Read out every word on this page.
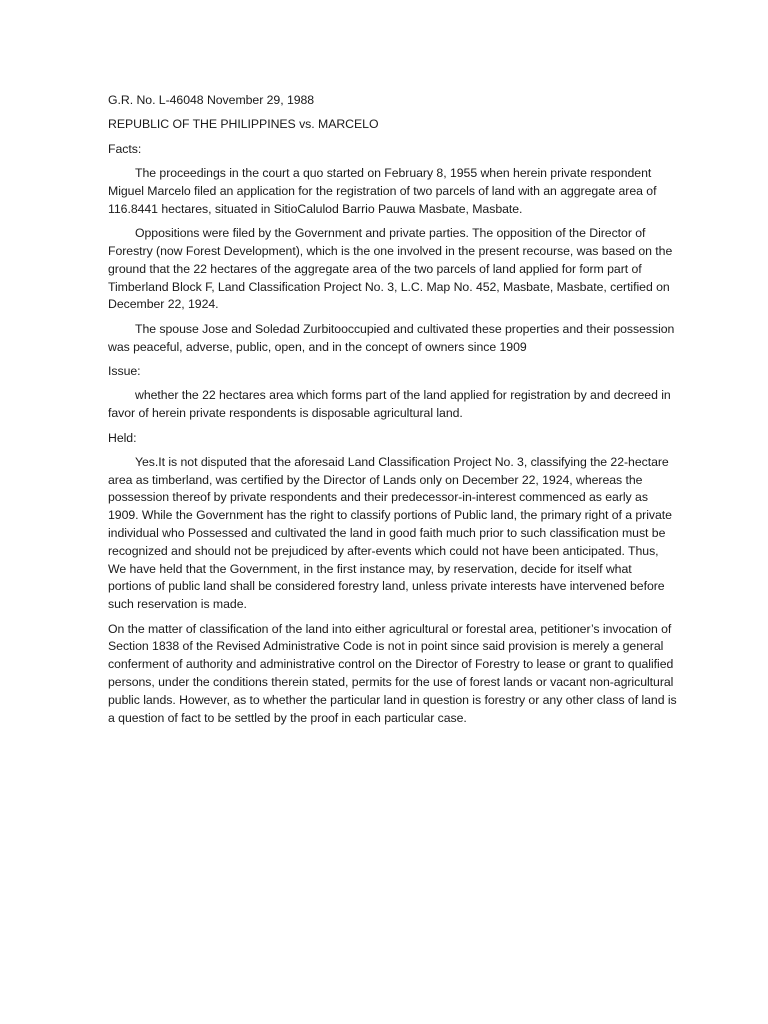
G.R. No. L-46048 November 29, 1988

REPUBLIC OF THE PHILIPPINES vs. MARCELO

Facts:

The proceedings in the court a quo started on February 8, 1955 when herein private respondent Miguel Marcelo filed an application for the registration of two parcels of land with an aggregate area of 116.8441 hectares, situated in SitioCalulod Barrio Pauwa Masbate, Masbate.

Oppositions were filed by the Government and private parties. The opposition of the Director of Forestry (now Forest Development), which is the one involved in the present recourse, was based on the ground that the 22 hectares of the aggregate area of the two parcels of land applied for form part of Timberland Block F, Land Classification Project No. 3, L.C. Map No. 452, Masbate, Masbate, certified on December 22, 1924.

The spouse Jose and Soledad Zurbitooccupied and cultivated these properties and their possession was peaceful, adverse, public, open, and in the concept of owners since 1909

Issue:

whether the 22 hectares area which forms part of the land applied for registration by and decreed in favor of herein private respondents is disposable agricultural land.

Held:

Yes.It is not disputed that the aforesaid Land Classification Project No. 3, classifying the 22-hectare area as timberland, was certified by the Director of Lands only on December 22, 1924, whereas the possession thereof by private respondents and their predecessor-in-interest commenced as early as 1909. While the Government has the right to classify portions of Public land, the primary right of a private individual who Possessed and cultivated the land in good faith much prior to such classification must be recognized and should not be prejudiced by after-events which could not have been anticipated. Thus, We have held that the Government, in the first instance may, by reservation, decide for itself what portions of public land shall be considered forestry land, unless private interests have intervened before such reservation is made.

On the matter of classification of the land into either agricultural or forestal area, petitioner’s invocation of Section 1838 of the Revised Administrative Code is not in point since said provision is merely a general conferment of authority and administrative control on the Director of Forestry to lease or grant to qualified persons, under the conditions therein stated, permits for the use of forest lands or vacant non-agricultural public lands. However, as to whether the particular land in question is forestry or any other class of land is a question of fact to be settled by the proof in each particular case.
